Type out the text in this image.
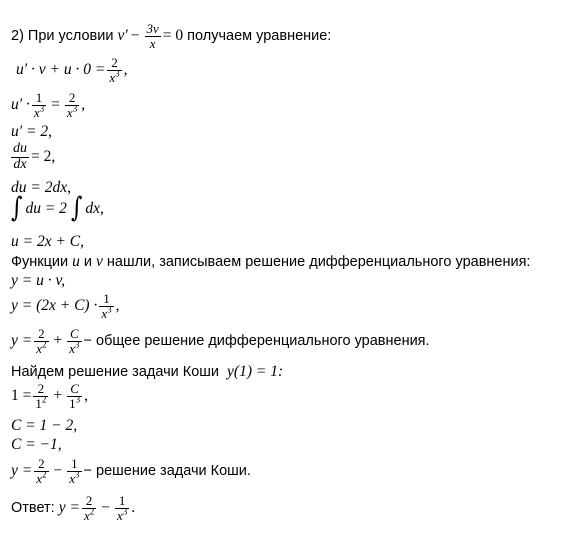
2) При условии $v' - \frac{3v}{x} = 0$ получаем уравнение:
$u' \cdot v + u \cdot 0 = \frac{2}{x^3}$ ,
$u' \cdot \frac{1}{x^3} = \frac{2}{x^3}$ ,
u′ = 2,
$\frac{du}{dx} = 2$,
du = 2dx,
∫ du = 2 ∫ dx,
u = 2x + C,
Функции u и v нашли, записываем решение дифференциального уравнения:
y = u · v,
$y = (2x + C) \cdot \frac{1}{x^3}$ ,
$y = \frac{2}{x^2} + \frac{C}{x^3}$ − общее решение дифференциального уравнения.
Найдем решение задачи Коши y(1) = 1:
$1 = \frac{2}{1^2} + \frac{C}{1^3}$ ,
C = 1 − 2,
C = −1,
$y = \frac{2}{x^2} - \frac{1}{x^3}$ − решение задачи Коши.
Ответ: $y = \frac{2}{x^2} - \frac{1}{x^3}$ .
